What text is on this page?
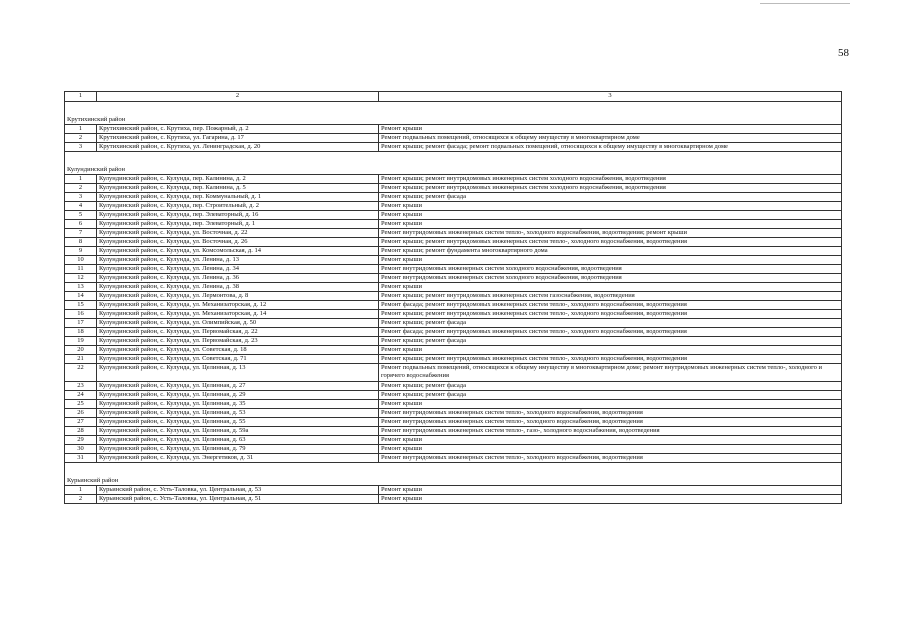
58
1	2	3
Крутихинский район		
1	Крутихинский район, с. Крутиха, пер. Пожарный, д. 2	Ремонт крыши
2	Крутихинский район, с. Крутиха, ул. Гагарина, д. 17	Ремонт подвальных помещений, относящихся к общему имуществу в многоквартирном доме
3	Крутихинский район, с. Крутиха, ул. Ленинградская, д. 20	Ремонт крыши; ремонт фасада; ремонт подвальных помещений, относящихся к общему имуществу в многоквартирном доме
Кулундинский район		
1	Кулундинский район, с. Кулунда, пер. Калинина, д. 2	Ремонт крыши; ремонт внутридомовых инженерных систем холодного водоснабжения, водоотведения
2	Кулундинский район, с. Кулунда, пер. Калинина, д. 5	Ремонт крыши; ремонт внутридомовых инженерных систем холодного водоснабжения, водоотведения
3	Кулундинский район, с. Кулунда, пер. Коммунальный, д. 1	Ремонт крыши; ремонт фасада
4	Кулундинский район, с. Кулунда, пер. Строительный, д. 2	Ремонт крыши
5	Кулундинский район, с. Кулунда, пер. Элеваторный, д. 16	Ремонт крыши
6	Кулундинский район, с. Кулунда, пер. Элеваторный, д. 1	Ремонт крыши
7	Кулундинский район, с. Кулунда, ул. Восточная, д. 22	Ремонт внутридомовых инженерных систем тепло-, холодного водоснабжения, водоотведения; ремонт крыши
8	Кулундинский район, с. Кулунда, ул. Восточная, д. 26	Ремонт крыши; ремонт внутридомовых инженерных систем тепло-, холодного водоснабжения, водоотведения
9	Кулундинский район, с. Кулунда, ул. Комсомольская, д. 14	Ремонт крыши; ремонт фундамента многоквартирного дома
10	Кулундинский район, с. Кулунда, ул. Ленина, д. 13	Ремонт крыши
11	Кулундинский район, с. Кулунда, ул. Ленина, д. 34	Ремонт внутридомовых инженерных систем холодного водоснабжения, водоотведения
12	Кулундинский район, с. Кулунда, ул. Ленина, д. 36	Ремонт внутридомовых инженерных систем холодного водоснабжения, водоотведения
13	Кулундинский район, с. Кулунда, ул. Ленина, д. 38	Ремонт крыши
14	Кулундинский район, с. Кулунда, ул. Лермонтова, д. 8	Ремонт крыши; ремонт внутридомовых инженерных систем газоснабжения, водоотведения
15	Кулундинский район, с. Кулунда, ул. Механизаторская, д. 12	Ремонт фасада; ремонт внутридомовых инженерных систем тепло-, холодного водоснабжения, водоотведения
16	Кулундинский район, с. Кулунда, ул. Механизаторская, д. 14	Ремонт крыши; ремонт внутридомовых инженерных систем тепло-, холодного водоснабжения, водоотведения
17	Кулундинский район, с. Кулунда, ул. Олимпийская, д. 50	Ремонт крыши; ремонт фасада
18	Кулундинский район, с. Кулунда, ул. Первомайская, д. 22	Ремонт фасада; ремонт внутридомовых инженерных систем тепло-, холодного водоснабжения, водоотведения
19	Кулундинский район, с. Кулунда, ул. Первомайская, д. 23	Ремонт крыши; ремонт фасада
20	Кулундинский район, с. Кулунда, ул. Советская, д. 18	Ремонт крыши
21	Кулундинский район, с. Кулунда, ул. Советская, д. 71	Ремонт крыши; ремонт внутридомовых инженерных систем тепло-, холодного водоснабжения, водоотведения
22	Кулундинский район, с. Кулунда, ул. Целинная, д. 13	Ремонт подвальных помещений, относящихся к общему имуществу в многоквартирном доме; ремонт внутридомовых инженерных систем тепло-, холодного и горячего водоснабжения
23	Кулундинский район, с. Кулунда, ул. Целинная, д. 27	Ремонт крыши; ремонт фасада
24	Кулундинский район, с. Кулунда, ул. Целинная, д. 29	Ремонт крыши; ремонт фасада
25	Кулундинский район, с. Кулунда, ул. Целинная, д. 35	Ремонт крыши
26	Кулундинский район, с. Кулунда, ул. Целинная, д. 53	Ремонт внутридомовых инженерных систем тепло-, холодного водоснабжения, водоотведения
27	Кулундинский район, с. Кулунда, ул. Целинная, д. 55	Ремонт внутридомовых инженерных систем тепло-, холодного водоснабжения, водоотведения
28	Кулундинский район, с. Кулунда, ул. Целинная, д. 59а	Ремонт внутридомовых инженерных систем тепло-, газо-, холодного водоснабжения, водоотведения
29	Кулундинский район, с. Кулунда, ул. Целинная, д. 63	Ремонт крыши
30	Кулундинский район, с. Кулунда, ул. Целинная, д. 79	Ремонт крыши
31	Кулундинский район, с. Кулунда, ул. Энергетиков, д. 31	Ремонт внутридомовых инженерных систем тепло-, холодного водоснабжения, водоотведения
Курьинский район		
1	Курьинский район, с. Усть-Таловка, ул. Центральная, д. 53	Ремонт крыши
2	Курьинский район, с. Усть-Таловка, ул. Центральная, д. 51	Ремонт крыши
